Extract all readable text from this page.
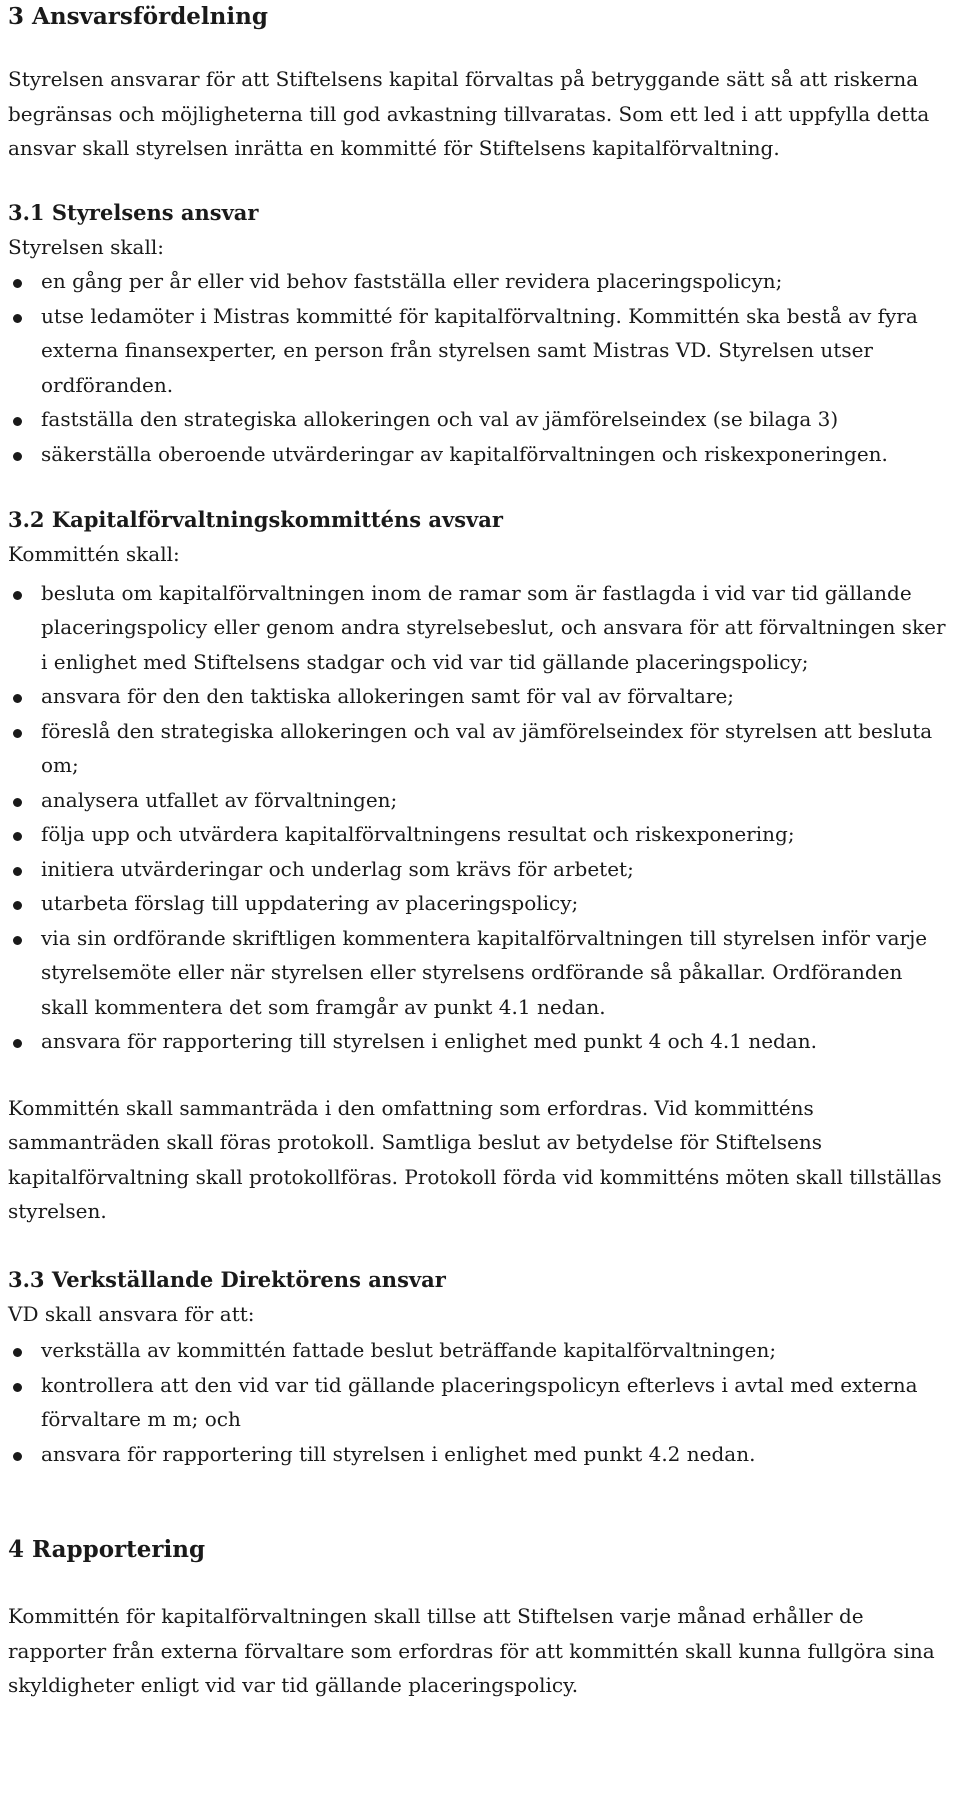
3 Ansvarsfördelning

Styrelsen ansvarar för att Stiftelsens kapital förvaltas på betryggande sätt så att riskerna begränsas och möjligheterna till god avkastning tillvaratas. Som ett led i att uppfylla detta ansvar skall styrelsen inrätta en kommitté för Stiftelsens kapitalförvaltning.

3.1 Styrelsens ansvar

Styrelsen skall:

en gång per år eller vid behov fastställa eller revidera placeringspolicyn;
utse ledamöter i Mistras kommitté för kapitalförvaltning. Kommittén ska bestå av fyra externa finansexperter, en person från styrelsen samt Mistras VD. Styrelsen utser ordföranden.
fastställa den strategiska allokeringen och val av jämförelseindex (se bilaga 3)
säkerställa oberoende utvärderingar av kapitalförvaltningen och riskexponeringen.
3.2 Kapitalförvaltningskommitténs avsvar

Kommittén skall:

besluta om kapitalförvaltningen inom de ramar som är fastlagda i vid var tid gällande placeringspolicy eller genom andra styrelsebeslut, och ansvara för att förvaltningen sker i enlighet med Stiftelsens stadgar och vid var tid gällande placeringspolicy;
ansvara för den den taktiska allokeringen samt för val av förvaltare;
föreslå den strategiska allokeringen och val av jämförelseindex för styrelsen att besluta om;
analysera utfallet av förvaltningen;
följa upp och utvärdera kapitalförvaltningens resultat och riskexponering;
initiera utvärderingar och underlag som krävs för arbetet;
utarbeta förslag till uppdatering av placeringspolicy;
via sin ordförande skriftligen kommentera kapitalförvaltningen till styrelsen inför varje styrelsemöte eller när styrelsen eller styrelsens ordförande så påkallar. Ordföranden skall kommentera det som framgår av punkt 4.1 nedan.
ansvara för rapportering till styrelsen i enlighet med punkt 4 och 4.1 nedan.

Kommittén skall sammanträda i den omfattning som erfordras. Vid kommitténs sammanträden skall föras protokoll. Samtliga beslut av betydelse för Stiftelsens kapitalförvaltning skall protokollföras. Protokoll förda vid kommitténs möten skall tillställas styrelsen.

3.3 Verkställande Direktörens ansvar

VD skall ansvara för att:

verkställa av kommittén fattade beslut beträffande kapitalförvaltningen;
kontrollera att den vid var tid gällande placeringspolicyn efterlevs i avtal med externa förvaltare m m; och
ansvara för rapportering till styrelsen i enlighet med punkt 4.2 nedan.
4 Rapportering

Kommittén för kapitalförvaltningen skall tillse att Stiftelsen varje månad erhåller de rapporter från externa förvaltare som erfordras för att kommittén skall kunna fullgöra sina skyldigheter enligt vid var tid gällande placeringspolicy.
